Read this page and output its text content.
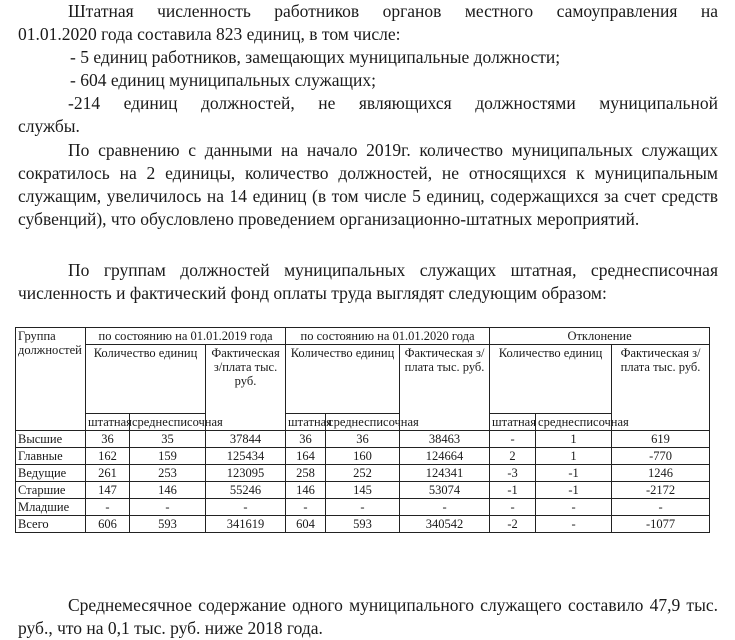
Штатная численность работников органов местного самоуправления на
01.01.2020 года составила 823 единиц, в том числе:
- 5 единиц работников, замещающих муниципальные должности;
- 604 единиц муниципальных служащих;
-214 единиц должностей, не являющихся должностями муниципальной
службы.

По сравнению с данными на начало 2019г. количество муниципальных служащих сократилось на 2 единицы, количество должностей, не относящихся к муниципальным служащим, увеличилось на 14 единиц (в том числе 5 единиц, содержащихся за счет средств субвенций), что обусловлено проведением организационно-штатных мероприятий.

По группам должностей муниципальных служащих штатная, среднесписочная численность и фактический фонд оплаты труда выглядят следующим образом:

Группа должностей	по состоянию на 01.01.2019 года			по состоянию на 01.01.2020 года			Отклонение		
	Количество единиц		Фактическая з/плата тыс. руб.	Количество единиц		Фактическая з/плата тыс. руб.	Количество единиц		Фактическая з/плата тыс. руб.
	штатная	среднесписочная		штатная	среднесписочная		штатная	среднесписочная	
Высшие	36	35	37844	36	36	38463	-	1	619
Главные	162	159	125434	164	160	124664	2	1	-770
Ведущие	261	253	123095	258	252	124341	-3	-1	1246
Старшие	147	146	55246	146	145	53074	-1	-1	-2172
Младшие	-	-	-	-	-	-	-	-	-
Всего	606	593	341619	604	593	340542	-2	-	-1077

Среднемесячное содержание одного муниципального служащего составило 47,9 тыс. руб., что на 0,1 тыс. руб. ниже 2018 года.
